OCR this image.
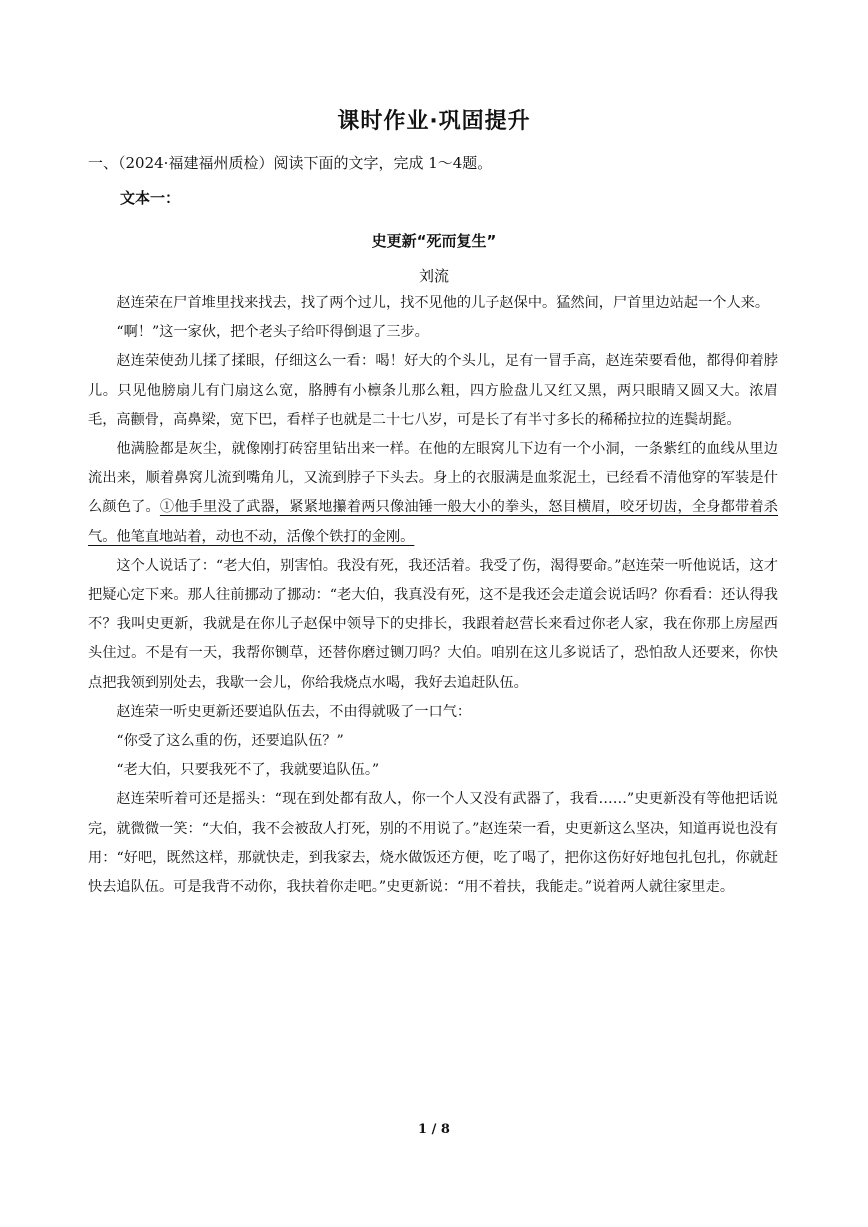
课时作业·巩固提升
一、（2024·福建福州质检）阅读下面的文字，完成 1～4题。
文本一：
史更新“死而复生”
刘流

赵连荣在尸首堆里找来找去，找了两个过儿，找不见他的儿子赵保中。猛然间，尸首里边站起一个人来。

“啊！”这一家伙，把个老头子给吓得倒退了三步。

赵连荣使劲儿揉了揉眼，仔细这么一看：喝！好大的个头儿，足有一冒手高，赵连荣要看他，都得仰着脖儿。只见他膀扇儿有门扇这么宽，胳膊有小檩条儿那么粗，四方脸盘儿又红又黑，两只眼睛又圆又大。浓眉毛，高颧骨，高鼻梁，宽下巴，看样子也就是二十七八岁，可是长了有半寸多长的稀稀拉拉的连鬓胡髭。

他满脸都是灰尘，就像刚打砖窑里钻出来一样。在他的左眼窝儿下边有一个小洞，一条紫红的血线从里边流出来，顺着鼻窝儿流到嘴角儿，又流到脖子下头去。身上的衣服满是血浆泥土，已经看不清他穿的军装是什么颜色了。①他手里没了武器，紧紧地攥着两只像油锤一般大小的拳头，怒目横眉，咬牙切齿，全身都带着杀气。他笔直地站着，动也不动，活像个铁打的金刚。

这个人说话了：“老大伯，别害怕。我没有死，我还活着。我受了伤，渴得要命。”赵连荣一听他说话，这才把疑心定下来。那人往前挪动了挪动：“老大伯，我真没有死，这不是我还会走道会说话吗？你看看：还认得我不？我叫史更新，我就是在你儿子赵保中领导下的史排长，我跟着赵营长来看过你老人家，我在你那上房屋西头住过。不是有一天，我帮你铡草，还替你磨过铡刀吗？大伯。咱别在这儿多说话了，恐怕敌人还要来，你快点把我领到别处去，我歇一会儿，你给我烧点水喝，我好去追赶队伍。

赵连荣一听史更新还要追队伍去，不由得就吸了一口气：

“你受了这么重的伤，还要追队伍？”

“老大伯，只要我死不了，我就要追队伍。”

赵连荣听着可还是摇头：“现在到处都有敌人，你一个人又没有武器了，我看……”史更新没有等他把话说完，就微微一笑：“大伯，我不会被敌人打死，别的不用说了。”赵连荣一看，史更新这么坚决，知道再说也没有用：“好吧，既然这样，那就快走，到我家去，烧水做饭还方便，吃了喝了，把你这伤好好地包扎包扎，你就赶快去追队伍。可是我背不动你，我扶着你走吧。”史更新说：“用不着扶，我能走。”说着两人就往家里走。

1 / 8
